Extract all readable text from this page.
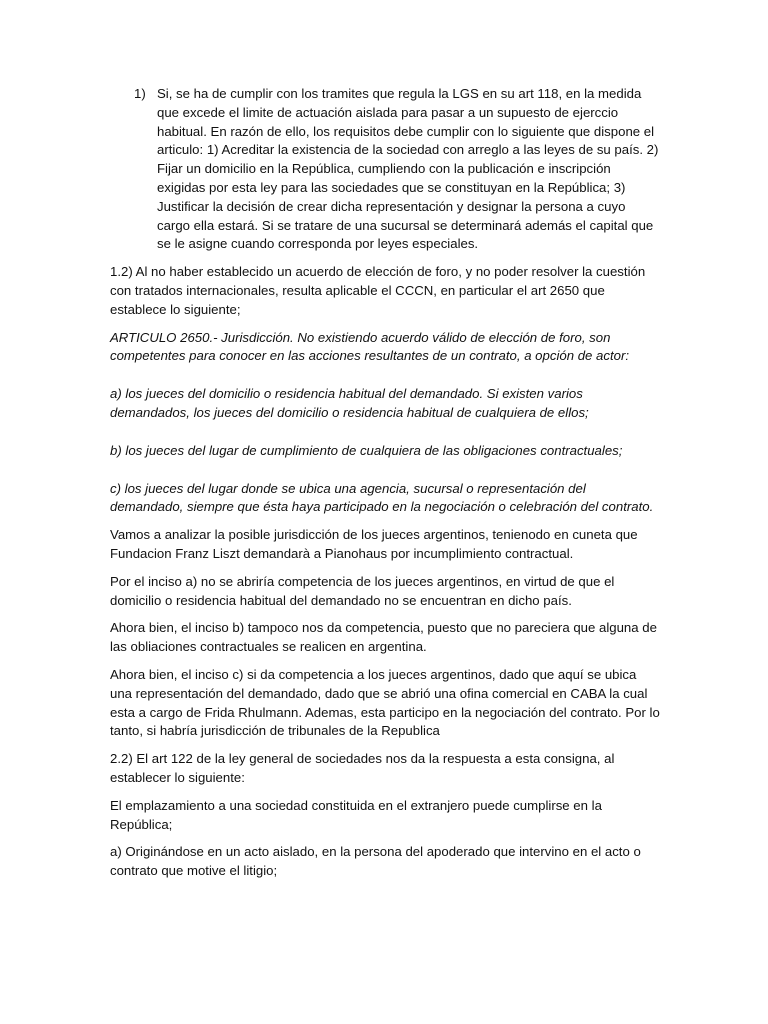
1) Si, se ha de cumplir con los tramites que regula la LGS en su art 118, en la medida que excede el limite de actuación aislada para pasar a un supuesto de ejerccio habitual. En razón de ello, los requisitos debe cumplir con lo siguiente que dispone el articulo: 1) Acreditar la existencia de la sociedad con arreglo a las leyes de su país. 2) Fijar un domicilio en la República, cumpliendo con la publicación e inscripción exigidas por esta ley para las sociedades que se constituyan en la República; 3) Justificar la decisión de crear dicha representación y designar la persona a cuyo cargo ella estará. Si se tratare de una sucursal se determinará además el capital que se le asigne cuando corresponda por leyes especiales.

1.2) Al no haber establecido un acuerdo de elección de foro, y no poder resolver la cuestión con tratados internacionales, resulta aplicable el CCCN, en particular el art 2650 que establece lo siguiente;

ARTICULO 2650.- Jurisdicción. No existiendo acuerdo válido de elección de foro, son competentes para conocer en las acciones resultantes de un contrato, a opción de actor:

a) los jueces del domicilio o residencia habitual del demandado. Si existen varios demandados, los jueces del domicilio o residencia habitual de cualquiera de ellos;

b) los jueces del lugar de cumplimiento de cualquiera de las obligaciones contractuales;

c) los jueces del lugar donde se ubica una agencia, sucursal o representación del demandado, siempre que ésta haya participado en la negociación o celebración del contrato.

Vamos a analizar la posible jurisdicción de los jueces argentinos, tenienodo en cuneta que Fundacion Franz Liszt demandarà a Pianohaus por incumplimiento contractual.

Por el inciso a) no se abriría competencia de los jueces argentinos, en virtud de que el domicilio o residencia habitual del demandado no se encuentran en dicho país.

Ahora bien, el inciso b) tampoco nos da competencia, puesto que no pareciera que alguna de las obliaciones contractuales se realicen en argentina.

Ahora bien, el inciso c) si da competencia a los jueces argentinos, dado que aquí se ubica una representación del demandado, dado que se abrió una ofina comercial en CABA la cual esta a cargo de Frida Rhulmann. Ademas, esta participo en la negociación del contrato. Por lo tanto, si habría jurisdicción de tribunales de la Republica

2.2) El art 122 de la ley general de sociedades nos da la respuesta a esta consigna, al establecer lo siguiente:

El emplazamiento a una sociedad constituida en el extranjero puede cumplirse en la República;

a) Originándose en un acto aislado, en la persona del apoderado que intervino en el acto o contrato que motive el litigio;
